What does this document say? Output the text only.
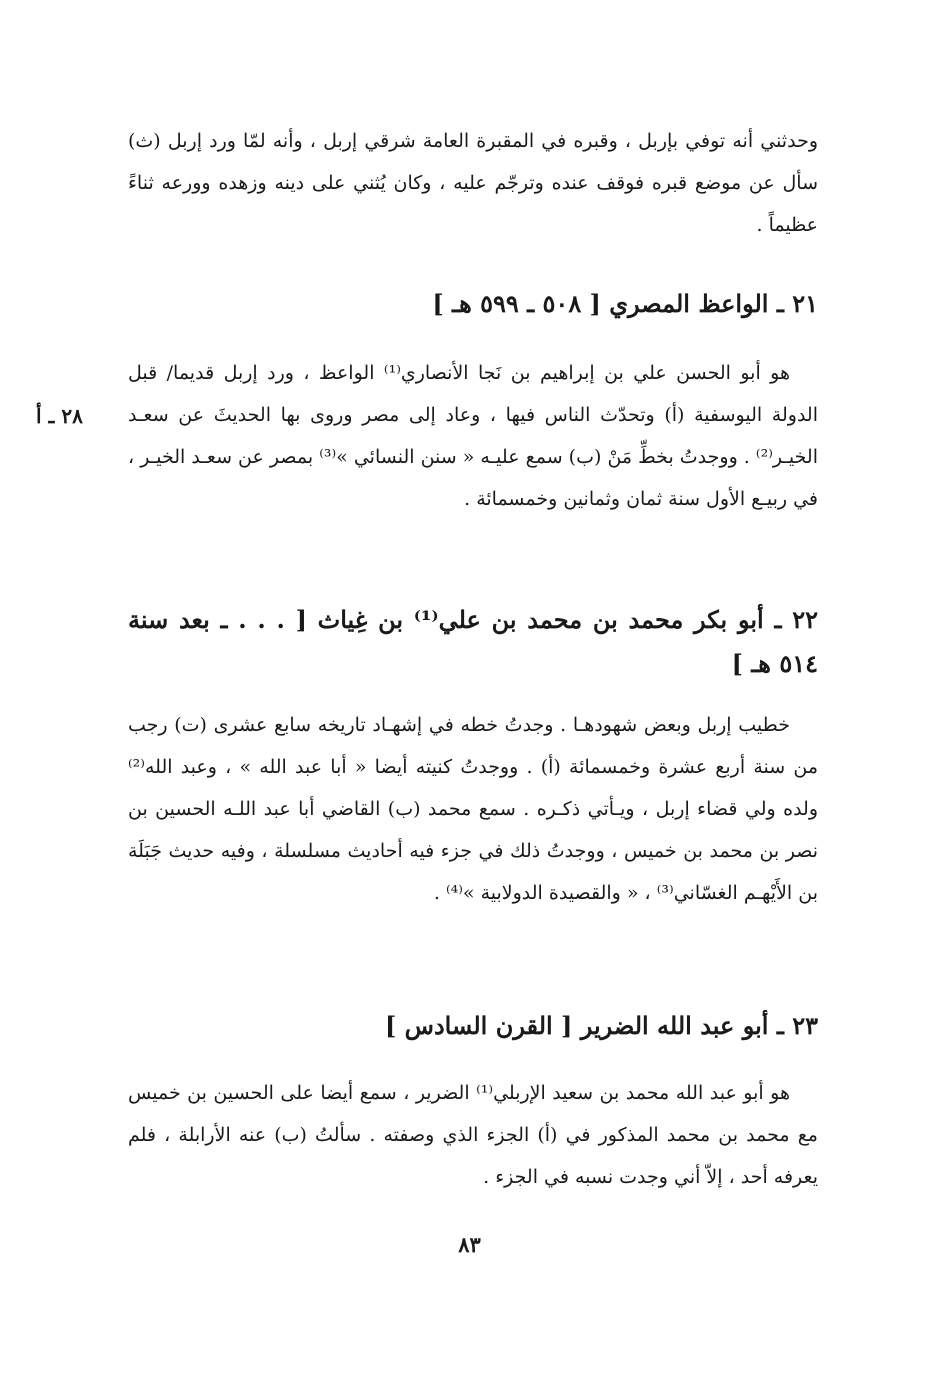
وحدثني أنه توفي بإربل ، وقبره في المقبرة العامة شرقي إربل ، وأنه لمّا ورد إربل (ث) سأل عن موضع قبره فوقف عنده وترجّم عليه ، وكان يُثني على دينه وزهده وورعه ثناءً عظيماً .

٢١ ـ الواعظ المصري [ ٥٠٨ ـ ٥٩٩ هـ ]

هو أبو الحسن علي بن إبراهيم بن نَجا الأنصاري⁽¹⁾ الواعظ ، ورد إربل قديما/ قبل الدولة اليوسفية (أ) وتحدّث الناس فيها ، وعاد إلى مصر وروى بها الحديثَ عن سعـد الخيـر⁽²⁾ . ووجدتُ بخطِّ مَنْ (ب) سمع عليـه « سنن النسائي »⁽³⁾ بمصر عن سعـد الخيـر ، في ربيـع الأول سنة ثمان وثمانين وخمسمائة .

٢٨ ـ أ
٢٢ ـ أبو بكر محمد بن محمد بن علي⁽¹⁾ بن غِياث [ . . . ـ بعد سنة ٥١٤ هـ ]

خطيب إربل وبعض شهودهـا . وجدتُ خطه في إشهـاد تاريخه سابع عشرى (ت) رجب من سنة أربع عشرة وخمسمائة (أ) . ووجدتُ كنيته أيضا « أبا عبد الله » ، وعبد الله⁽²⁾ ولده ولي قضاء إربل ، ويـأتي ذكـره . سمع محمد (ب) القاضي أبا عبد اللـه الحسين بن نصر بن محمد بن خميس ، ووجدتُ ذلك في جزء فيه أحاديث مسلسلة ، وفيه حديث جَبَلَة بن الأَيْهـم الغسّاني⁽³⁾ ، « والقصيدة الدولابية »⁽⁴⁾ .

٢٣ ـ أبو عبد الله الضرير [ القرن السادس ]

هو أبو عبد الله محمد بن سعيد الإربلي⁽¹⁾ الضرير ، سمع أيضا على الحسين بن خميس مع محمد بن محمد المذكور في (أ) الجزء الذي وصفته . سألتُ (ب) عنه الأرابلة ، فلم يعرفه أحد ، إلاّ أني وجدت نسبه في الجزء .

٨٣
